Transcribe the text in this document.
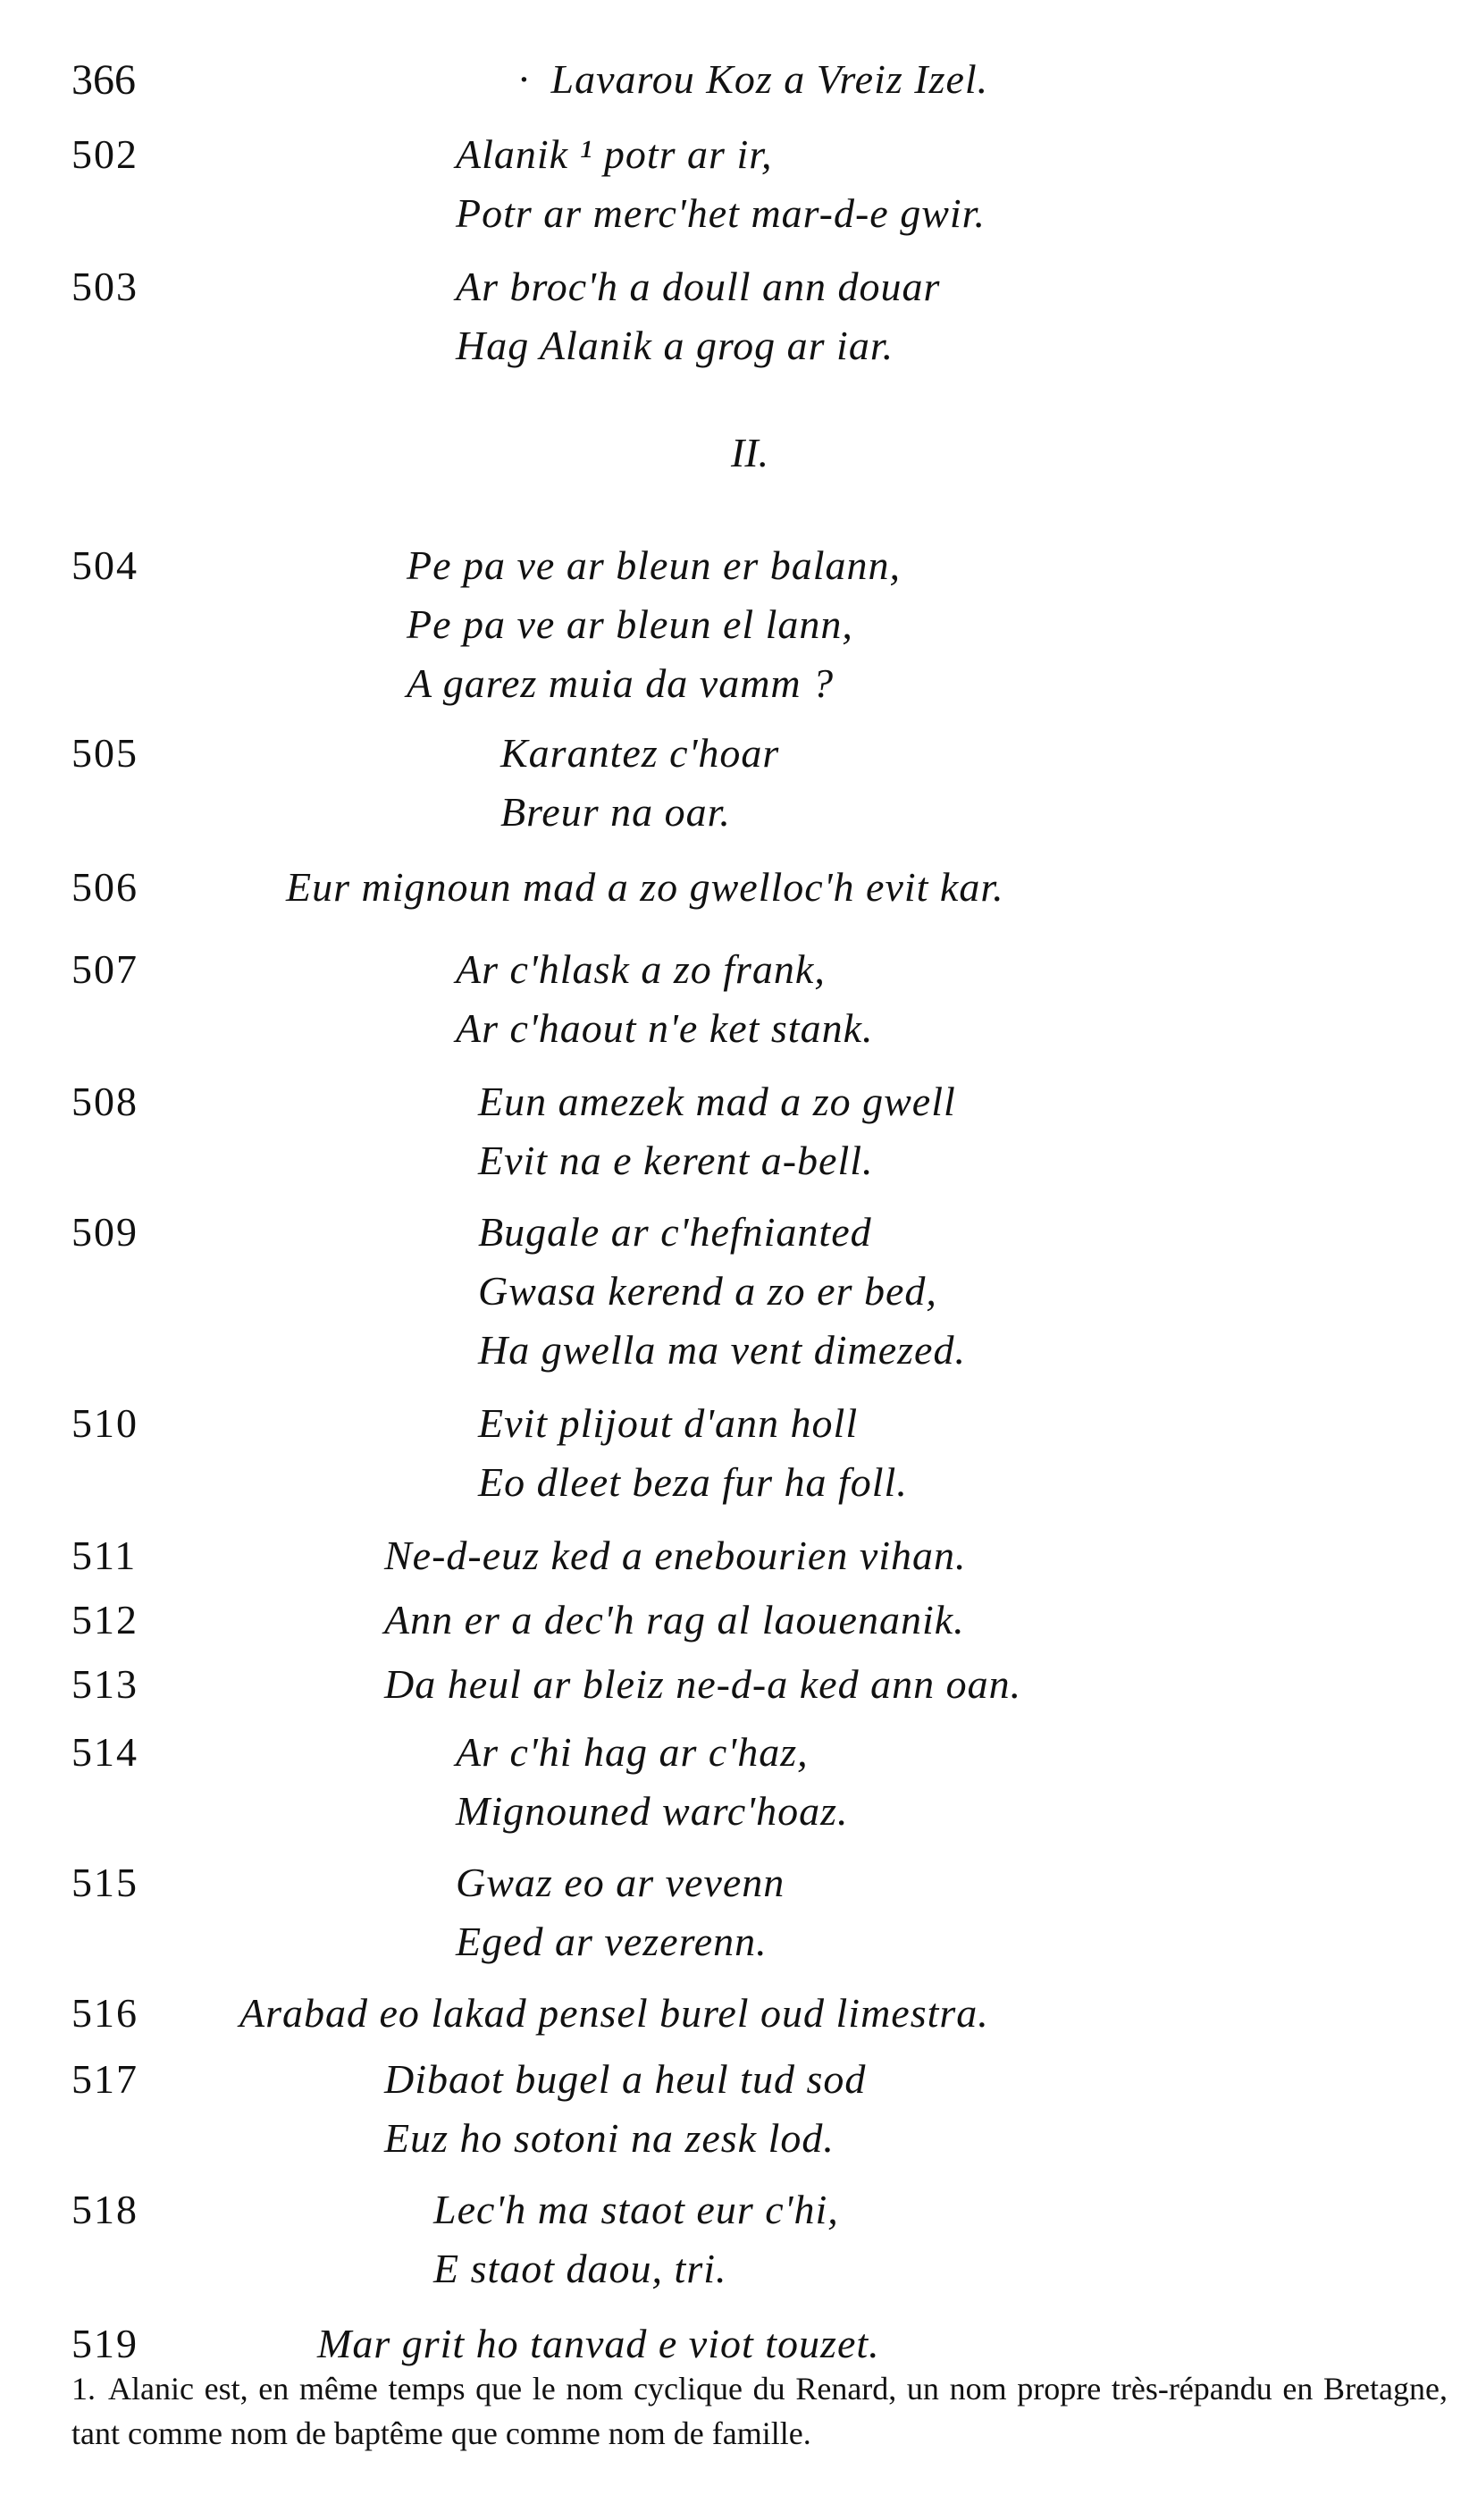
366	· Lavarou Koz a Vreiz Izel.
II.
502	Alanik ¹ potr ar ir,
Potr ar merc'het mar-d-e gwir.
503	Ar broc'h a doull ann douar
Hag Alanik a grog ar iar.
504	Pe pa ve ar bleun er balann,
Pe pa ve ar bleun el lann,
A garez muia da vamm ?
505	Karantez c'hoar
Breur na oar.
506	Eur mignoun mad a zo gwelloc'h evit kar.
507	Ar c'hlask a zo frank,
Ar c'haout n'e ket stank.
508	Eun amezek mad a zo gwell
Evit na e kerent a-bell.
509	Bugale ar c'hefnianted
Gwasa kerend a zo er bed,
Ha gwella ma vent dimezed.
510	Evit plijout d'ann holl
Eo dleet beza fur ha foll.
511	Ne-d-euz ked a enebourien vihan.
512	Ann er a dec'h rag al laouenanik.
513	Da heul ar bleiz ne-d-a ked ann oan.
514	Ar c'hi hag ar c'haz,
Mignouned warc'hoaz.
515	Gwaz eo ar vevenn
Eged ar vezerenn.
516 Arabad eo lakad pensel burel oud limestra.
517	Dibaot bugel a heul tud sod
Euz ho sotoni na zesk lod.
518	Lec'h ma staot eur c'hi,
E staot daou, tri.
519	Mar grit ho tanvad e viot touzet.
1. Alanic est, en même temps que le nom cyclique du Renard, un nom propre très-répandu en Bretagne, tant comme nom de baptême que comme nom de famille.
